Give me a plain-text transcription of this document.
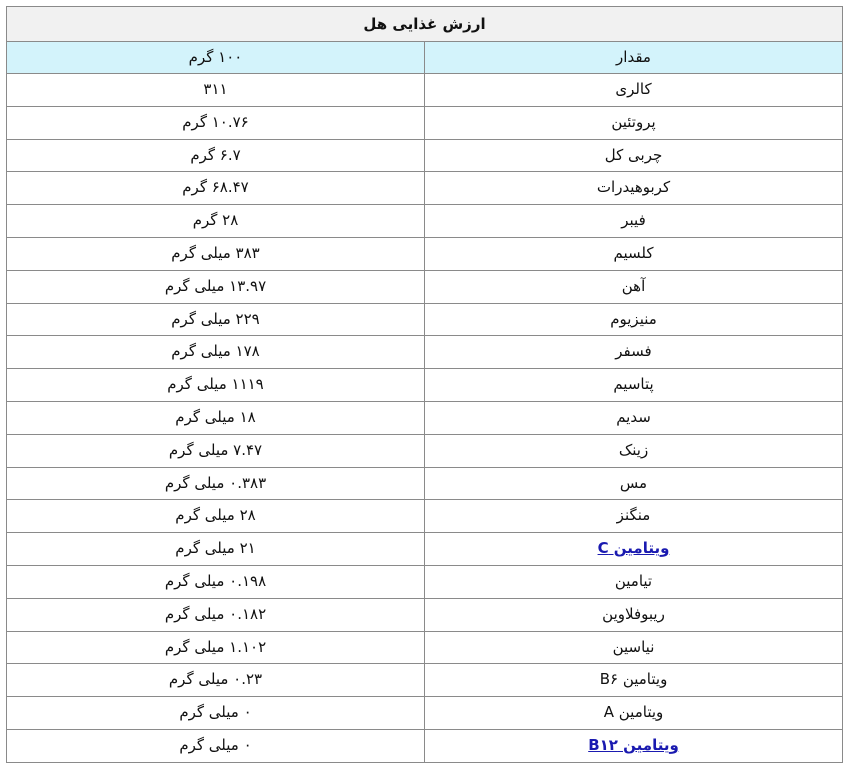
ارزش غذایی هل	
مقدار	۱۰۰ گرم
کالری	۳۱۱
پروتئین	۱۰.۷۶ گرم
چربی کل	۶.۷ گرم
کربوهیدرات	۶۸.۴۷ گرم
فیبر	۲۸ گرم
کلسیم	۳۸۳ میلی گرم
آهن	۱۳.۹۷ میلی گرم
منیزیوم	۲۲۹ میلی گرم
فسفر	۱۷۸ میلی گرم
پتاسیم	۱۱۱۹ میلی گرم
سدیم	۱۸ میلی گرم
زینک	۷.۴۷ میلی گرم
مس	۰.۳۸۳ میلی گرم
منگنز	۲۸ میلی گرم
ویتامین C	۲۱ میلی گرم
تیامین	۰.۱۹۸ میلی گرم
ریبوفلاوین	۰.۱۸۲ میلی گرم
نیاسین	۱.۱۰۲ میلی گرم
ویتامین B۶	۰.۲۳ میلی گرم
ویتامین A	۰ میلی گرم
ویتامین B۱۲	۰ میلی گرم
